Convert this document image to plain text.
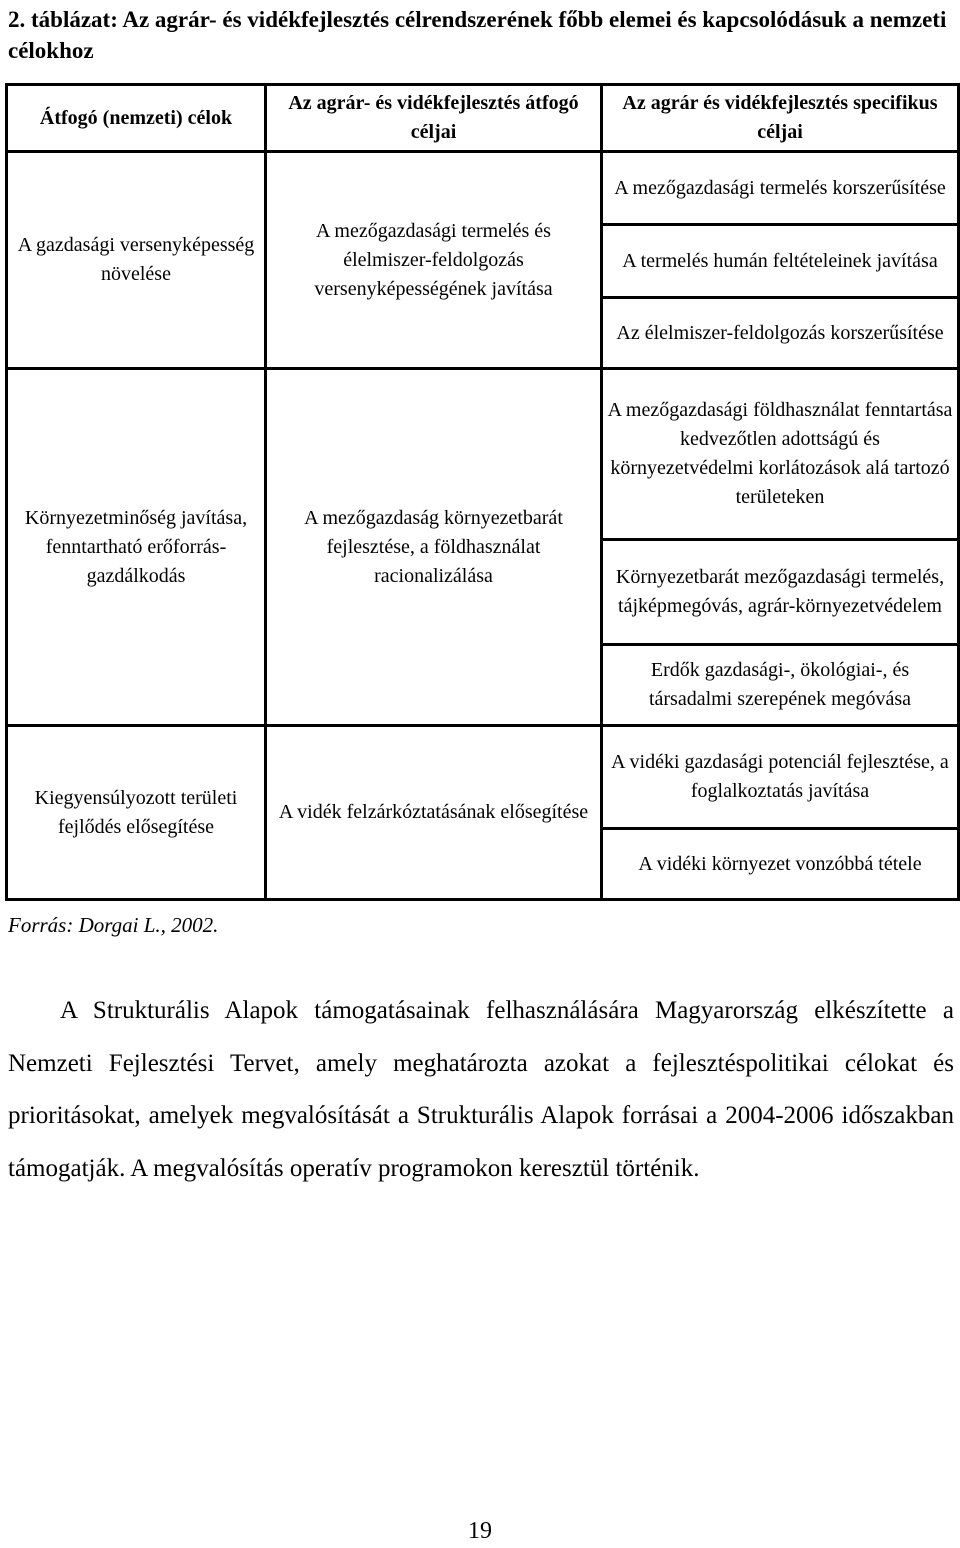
2. táblázat: Az agrár- és vidékfejlesztés célrendszerének főbb elemei és kapcsolódásuk a nemzeti célokhoz
Átfogó (nemzeti) célok	Az agrár- és vidékfejlesztés átfogó céljai	Az agrár és vidékfejlesztés specifikus céljai
A gazdasági versenyképesség növelése	A mezőgazdasági termelés és élelmiszer-feldolgozás versenyképességének javítása	A mezőgazdasági termelés korszerűsítése
		A termelés humán feltételeinek javítása
		Az élelmiszer-feldolgozás korszerűsítése
Környezetminőség javítása, fenntartható erőforrás-gazdálkodás	A mezőgazdaság környezetbarát fejlesztése, a földhasználat racionalizálása	A mezőgazdasági földhasználat fenntartása kedvezőtlen adottságú és környezetvédelmi korlátozások alá tartozó területeken
		Környezetbarát mezőgazdasági termelés, tájképmegóvás, agrár-környezetvédelem
		Erdők gazdasági-, ökológiai-, és társadalmi szerepének megóvása
Kiegyensúlyozott területi fejlődés elősegítése	A vidék felzárkóztatásának elősegítése	A vidéki gazdasági potenciál fejlesztése, a foglalkoztatás javítása
		A vidéki környezet vonzóbbá tétele
Forrás: Dorgai L., 2002.
A Strukturális Alapok támogatásainak felhasználására Magyarország elkészítette a Nemzeti Fejlesztési Tervet, amely meghatározta azokat a fejlesztéspolitikai célokat és prioritásokat, amelyek megvalósítását a Strukturális Alapok forrásai a 2004-2006 időszakban támogatják. A megvalósítás operatív programokon keresztül történik.
19
